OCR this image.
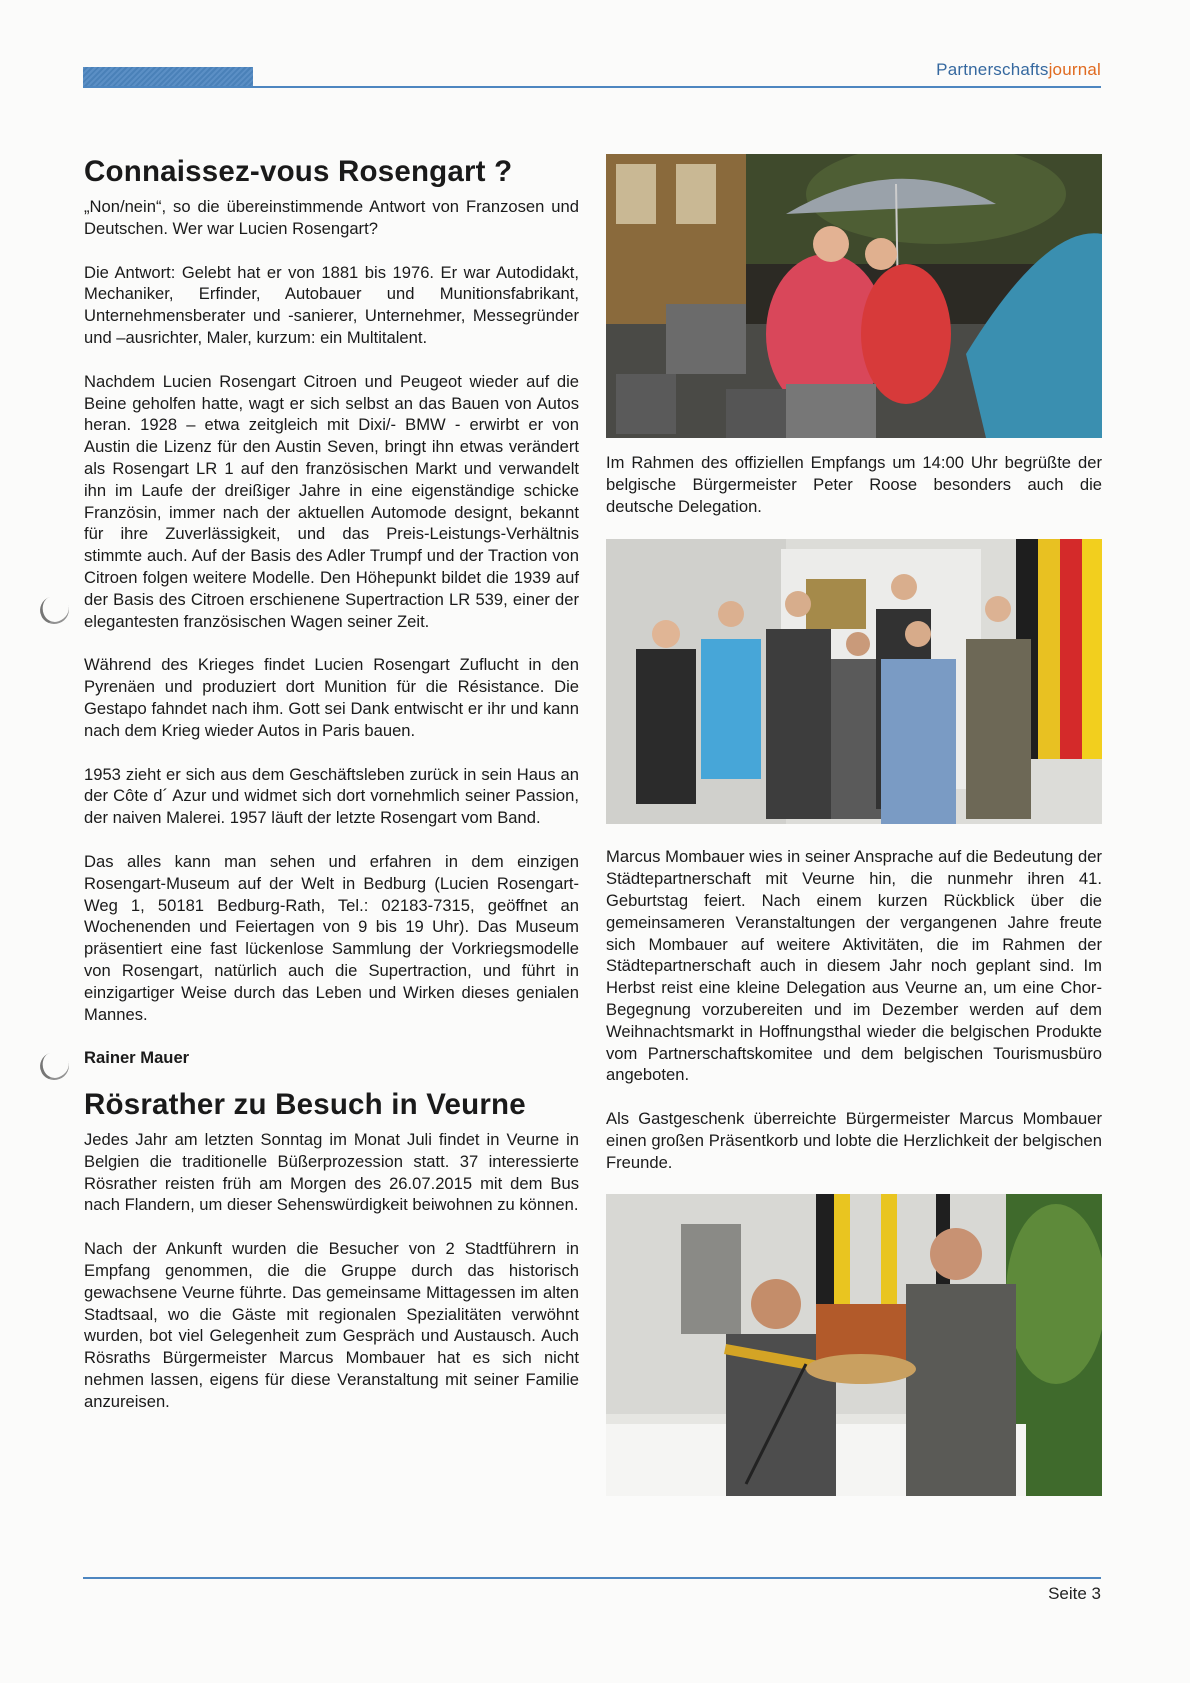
Partnerschaftsjournal
Connaissez-vous Rosengart ?

„Non/nein“, so die übereinstimmende Antwort von Franzosen und Deutschen. Wer war Lucien Rosengart?

Die Antwort: Gelebt hat er von 1881 bis 1976. Er war Autodidakt, Mechaniker, Erfinder, Autobauer und Munitionsfabrikant, Unternehmensberater und -sanierer, Unternehmer, Messegründer und –ausrichter, Maler, kurzum: ein Multitalent.

Nachdem Lucien Rosengart Citroen und Peugeot wieder auf die Beine geholfen hatte, wagt er sich selbst an das Bauen von Autos heran. 1928 – etwa zeitgleich mit Dixi/- BMW - erwirbt er von Austin die Lizenz für den Austin Seven, bringt ihn etwas verändert als Rosengart LR 1 auf den französischen Markt und verwandelt ihn im Laufe der dreißiger Jahre in eine eigenständige schicke Französin, immer nach der aktuellen Automode designt, bekannt für ihre Zuverlässigkeit, und das Preis-Leistungs-Verhältnis stimmte auch. Auf der Basis des Adler Trumpf und der Traction von Citroen folgen weitere Modelle. Den Höhepunkt bildet die 1939 auf der Basis des Citroen erschienene Supertraction LR 539, einer der elegantesten französischen Wagen seiner Zeit.

Während des Krieges findet Lucien Rosengart Zuflucht in den Pyrenäen und produziert dort Munition für die Résistance. Die Gestapo fahndet nach ihm. Gott sei Dank entwischt er ihr und kann nach dem Krieg wieder Autos in Paris bauen.

1953 zieht er sich aus dem Geschäftsleben zurück in sein Haus an der Côte d´ Azur und widmet sich dort vornehmlich seiner Passion, der naiven Malerei. 1957 läuft der letzte Rosengart vom Band.

Das alles kann man sehen und erfahren in dem einzigen Rosengart-Museum auf der Welt in Bedburg (Lucien Rosengart-Weg 1, 50181 Bedburg-Rath, Tel.: 02183-7315, geöffnet an Wochenenden und Feiertagen von 9 bis 19 Uhr). Das Museum präsentiert eine fast lückenlose Sammlung der Vorkriegsmodelle von Rosengart, natürlich auch die Supertraction, und führt in einzigartiger Weise durch das Leben und Wirken dieses genialen Mannes.

Rainer Mauer

Rösrather zu Besuch in Veurne

Jedes Jahr am letzten Sonntag im Monat Juli findet in Veurne in Belgien die traditionelle Büßerprozession statt. 37 interessierte Rösrather reisten früh am Morgen des 26.07.2015 mit dem Bus nach Flandern, um dieser Sehenswürdigkeit beiwohnen zu können.

Nach der Ankunft wurden die Besucher von 2 Stadtführern in Empfang genommen, die die Gruppe durch das historisch gewachsene Veurne führte. Das gemeinsame Mittagessen im alten Stadtsaal, wo die Gäste mit regionalen Spezialitäten verwöhnt wurden, bot viel Gelegenheit zum Gespräch und Austausch. Auch Rösraths Bürgermeister Marcus Mombauer hat es sich nicht nehmen lassen, eigens für diese Veranstaltung mit seiner Familie anzureisen.

Im Rahmen des offiziellen Empfangs um 14:00 Uhr begrüßte der belgische Bürgermeister Peter Roose besonders auch die deutsche Delegation.

Marcus Mombauer wies in seiner Ansprache auf die Bedeutung der Städtepartnerschaft mit Veurne hin, die nunmehr ihren 41. Geburtstag feiert. Nach einem kurzen Rückblick über die gemeinsameren Veranstaltungen der vergangenen Jahre freute sich Mombauer auf weitere Aktivitäten, die im Rahmen der Städtepartnerschaft auch in diesem Jahr noch geplant sind. Im Herbst reist eine kleine Delegation aus Veurne an, um eine Chor-Begegnung vorzubereiten und im Dezember werden auf dem Weihnachtsmarkt in Hoffnungsthal wieder die belgischen Produkte vom Partnerschaftskomitee und dem belgischen Tourismusbüro angeboten.

Als Gastgeschenk überreichte Bürgermeister Marcus Mombauer einen großen Präsentkorb und lobte die Herzlichkeit der belgischen Freunde.

Seite 3
